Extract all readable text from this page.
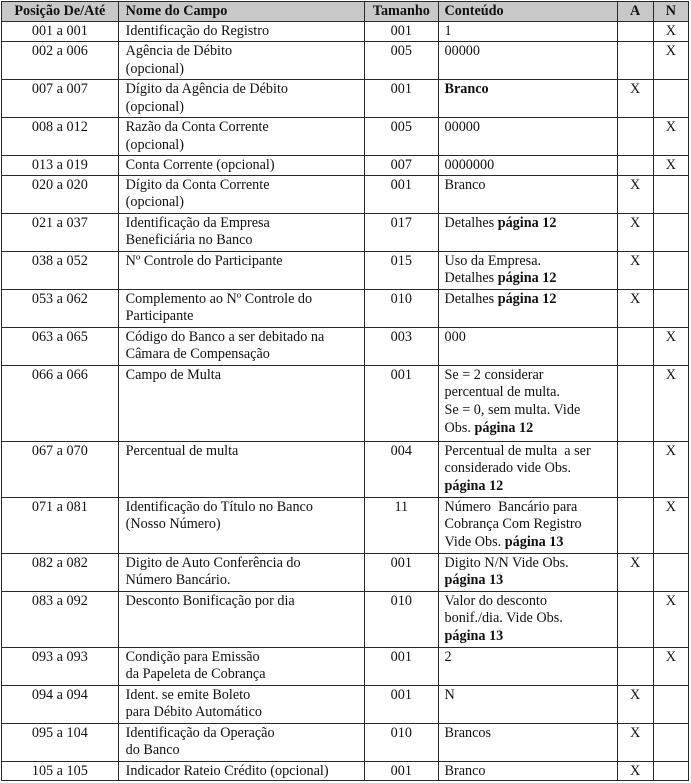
Posição De/Até	Nome do Campo	Tamanho	Conteúdo	A	N
001 a 001	Identificação do Registro	001	1		X
002 a 006	Agência de Débito
(opcional)	005	00000		X
007 a 007	Dígito da Agência de Débito
(opcional)	001	Branco	X	
008 a 012	Razão da Conta Corrente
(opcional)	005	00000		X
013 a 019	Conta Corrente (opcional)	007	0000000		X
020 a 020	Dígito da Conta Corrente
(opcional)	001	Branco	X	
021 a 037	Identificação da Empresa
Beneficiária no Banco	017	Detalhes página 12	X	
038 a 052	Nº Controle do Participante	015	Uso da Empresa.
Detalhes página 12	X	
053 a 062	Complemento ao Nº Controle do
Participante	010	Detalhes página 12	X	
063 a 065	Código do Banco a ser debitado na
Câmara de Compensação	003	000		X
066 a 066	Campo de Multa	001	Se = 2 considerar
percentual de multa.
Se = 0, sem multa. Vide
Obs. página 12		X
067 a 070	Percentual de multa	004	Percentual de multa  a ser
considerado vide Obs.
página 12		X
071 a 081	Identificação do Título no Banco
(Nosso Número)	11	Número  Bancário para
Cobrança Com Registro
Vide Obs. página 13		X
082 a 082	Digito de Auto Conferência do
Número Bancário.	001	Digito N/N Vide Obs.
página 13	X	
083 a 092	Desconto Bonificação por dia	010	Valor do desconto
bonif./dia. Vide Obs.
página 13		X
093 a 093	Condição para Emissão
da Papeleta de Cobrança	001	2		X
094 a 094	Ident. se emite Boleto
para Débito Automático	001	N	X	
095 a 104	Identificação da Operação
do Banco	010	Brancos	X	
105 a 105	Indicador Rateio Crédito (opcional)	001	Branco	X	
